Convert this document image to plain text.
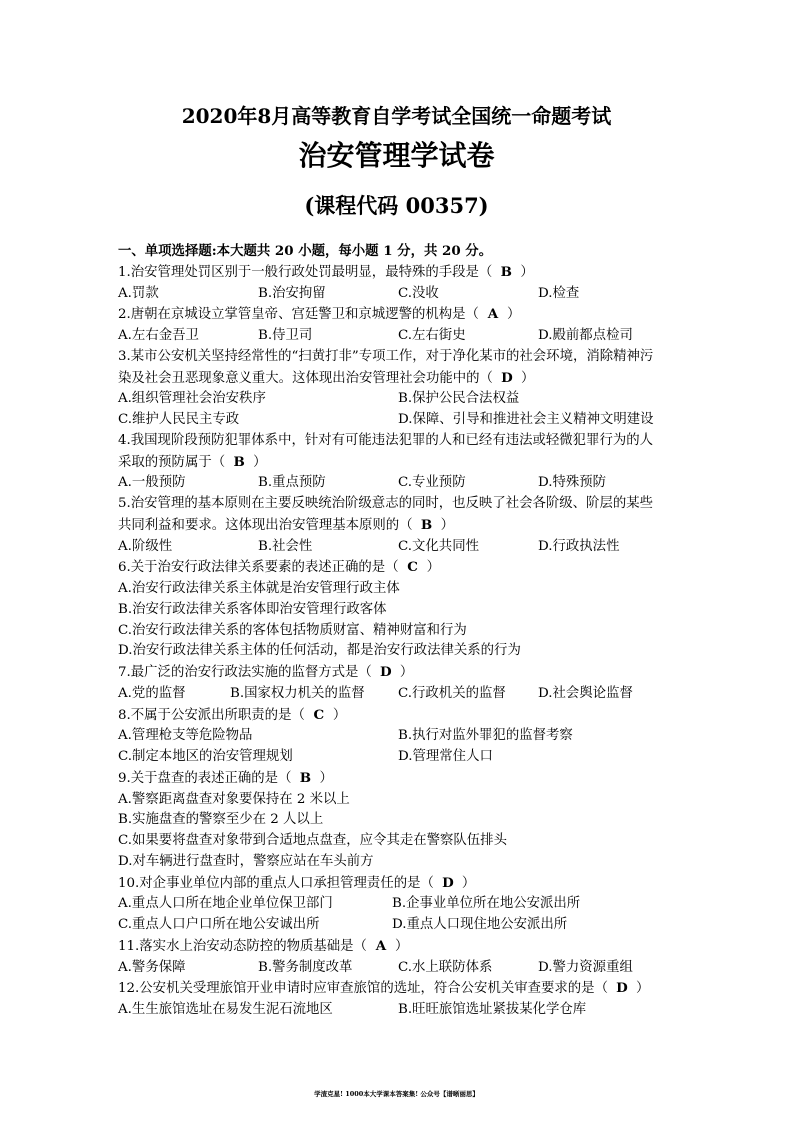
2020年8月高等教育自学考试全国统一命题考试
治安管理学试卷
(课程代码 00357)
一、单项选择题:本大题共 20 小题，每小题 1 分，共 20 分。
1.治安管理处罚区别于一般行政处罚最明显，最特殊的手段是（ B ）
A.罚款	B.治安拘留	C.没收	D.检查
2.唐朝在京城设立掌管皇帝、宫廷警卫和京城逻警的机构是（ A ）
A.左右金吾卫	B.侍卫司	C.左右街史	D.殿前都点检司
3.某市公安机关坚持经常性的“扫黄打非”专项工作，对于净化某市的社会环境，消除精神污
染及社会丑恶现象意义重大。这体现出治安管理社会功能中的（ D ）
A.组织管理社会治安秩序	B.保护公民合法权益
C.维护人民民主专政	D.保障、引导和推进社会主义精神文明建设
4.我国现阶段预防犯罪体系中，针对有可能违法犯罪的人和已经有违法或轻微犯罪行为的人
采取的预防属于（ B ）
A.一般预防	B.重点预防	C.专业预防	D.特殊预防
5.治安管理的基本原则在主要反映统治阶级意志的同时，也反映了社会各阶级、阶层的某些
共同利益和要求。这体现出治安管理基本原则的（ B ）
A.阶级性	B.社会性	C.文化共同性	D.行政执法性
6.关于治安行政法律关系要素的表述正确的是（ C ）
A.治安行政法律关系主体就是治安管理行政主体
B.治安行政法律关系客体即治安管理行政客体
C.治安行政法律关系的客体包括物质财富、精神财富和行为
D.治安行政法律关系主体的任何活动，都是治安行政法律关系的行为
7.最广泛的治安行政法实施的监督方式是（ D ）
A.党的监督	B.国家权力机关的监督	C.行政机关的监督	D.社会舆论监督
8.不属于公安派出所职责的是（ C ）
A.管理枪支等危险物品	B.执行对监外罪犯的监督考察
C.制定本地区的治安管理规划	D.管理常住人口
9.关于盘查的表述正确的是（ B ）
A.警察距离盘查对象要保持在 2 米以上
B.实施盘查的警察至少在 2 人以上
C.如果要将盘查对象带到合适地点盘查，应令其走在警察队伍排头
D.对车辆进行盘查时，警察应站在车头前方
10.对企事业单位内部的重点人口承担管理责任的是（ D ）
A.重点人口所在地企业单位保卫部门	B.企事业单位所在地公安派出所
C.重点人口户口所在地公安诚出所	D.重点人口现住地公安派出所
11.落实水上治安动态防控的物质基础是（ A ）
A.警务保障	B.警务制度改革	C.水上联防体系	D.警力资源重组
12.公安机关受理旅馆开业申请时应审查旅馆的选址，符合公安机关审查要求的是（ D ）
A.生生旅馆选址在易发生泥石流地区	B.旺旺旅馆选址紧拔某化学仓库
学渣克星! 1000本大学课本答案集! 公众号【谱晰丽思】
